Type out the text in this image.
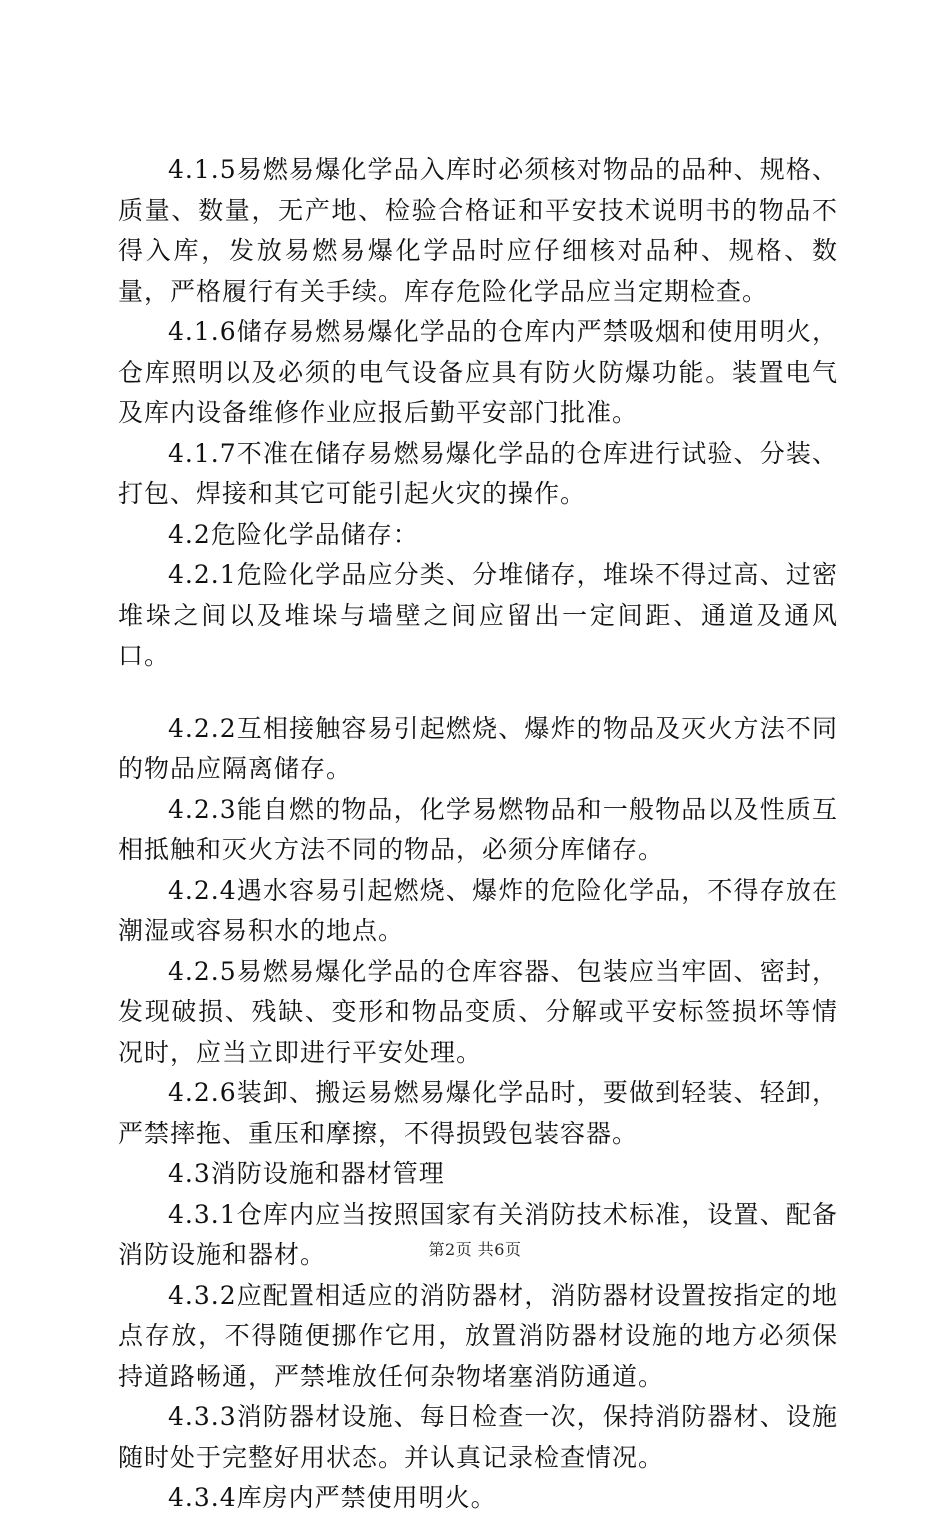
4.1.5易燃易爆化学品入库时必须核对物品的品种、规格、质量、数量，无产地、检验合格证和平安技术说明书的物品不得入库，发放易燃易爆化学品时应仔细核对品种、规格、数量，严格履行有关手续。库存危险化学品应当定期检查。

4.1.6储存易燃易爆化学品的仓库内严禁吸烟和使用明火，仓库照明以及必须的电气设备应具有防火防爆功能。装置电气及库内设备维修作业应报后勤平安部门批准。

4.1.7不准在储存易燃易爆化学品的仓库进行试验、分装、打包、焊接和其它可能引起火灾的操作。

4.2危险化学品储存：

4.2.1危险化学品应分类、分堆储存，堆垛不得过高、过密堆垛之间以及堆垛与墙壁之间应留出一定间距、通道及通风口。

4.2.2互相接触容易引起燃烧、爆炸的物品及灭火方法不同的物品应隔离储存。

4.2.3能自燃的物品，化学易燃物品和一般物品以及性质互相抵触和灭火方法不同的物品，必须分库储存。

4.2.4遇水容易引起燃烧、爆炸的危险化学品，不得存放在潮湿或容易积水的地点。

4.2.5易燃易爆化学品的仓库容器、包装应当牢固、密封，发现破损、残缺、变形和物品变质、分解或平安标签损坏等情况时，应当立即进行平安处理。

4.2.6装卸、搬运易燃易爆化学品时，要做到轻装、轻卸，严禁摔拖、重压和摩擦，不得损毁包装容器。

4.3消防设施和器材管理

4.3.1仓库内应当按照国家有关消防技术标准，设置、配备消防设施和器材。

4.3.2应配置相适应的消防器材，消防器材设置按指定的地点存放，不得随便挪作它用，放置消防器材设施的地方必须保持道路畅通，严禁堆放任何杂物堵塞消防通道。

4.3.3消防器材设施、每日检查一次，保持消防器材、设施随时处于完整好用状态。并认真记录检查情况。

4.3.4库房内严禁使用明火。

第2页 共6页
